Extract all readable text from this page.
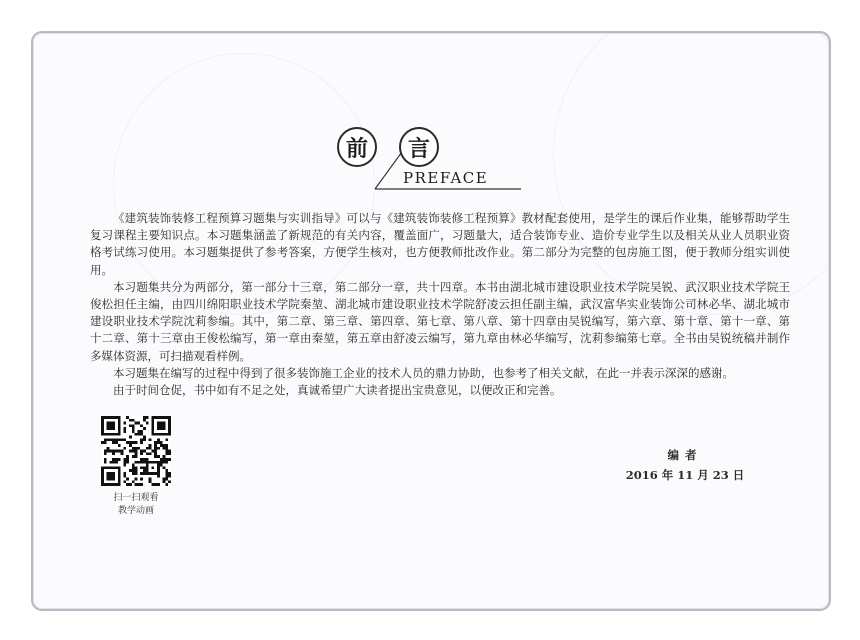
前	言
PREFACE

《建筑装饰装修工程预算习题集与实训指导》可以与《建筑装饰装修工程预算》教材配套使用，是学生的课后作业集，能够帮助学生复习课程主要知识点。本习题集涵盖了新规范的有关内容，覆盖面广，习题量大，适合装饰专业、造价专业学生以及相关从业人员职业资格考试练习使用。本习题集提供了参考答案，方便学生核对，也方便教师批改作业。第二部分为完整的包房施工图，便于教师分组实训使用。

本习题集共分为两部分，第一部分十三章，第二部分一章，共十四章。本书由湖北城市建设职业技术学院吴锐、武汉职业技术学院王俊松担任主编，由四川绵阳职业技术学院秦堃、湖北城市建设职业技术学院舒凌云担任副主编，武汉富华实业装饰公司林必华、湖北城市建设职业技术学院沈莉参编。其中，第二章、第三章、第四章、第七章、第八章、第十四章由吴锐编写，第六章、第十章、第十一章、第十二章、第十三章由王俊松编写，第一章由秦堃，第五章由舒凌云编写，第九章由林必华编写，沈莉参编第七章。全书由吴锐统稿并制作多媒体资源，可扫描观看样例。

本习题集在编写的过程中得到了很多装饰施工企业的技术人员的鼎力协助，也参考了相关文献，在此一并表示深深的感谢。

由于时间仓促，书中如有不足之处，真诚希望广大读者提出宝贵意见，以便改正和完善。

编者
2016 年 11 月 23 日
扫一扫观看
教学动画
